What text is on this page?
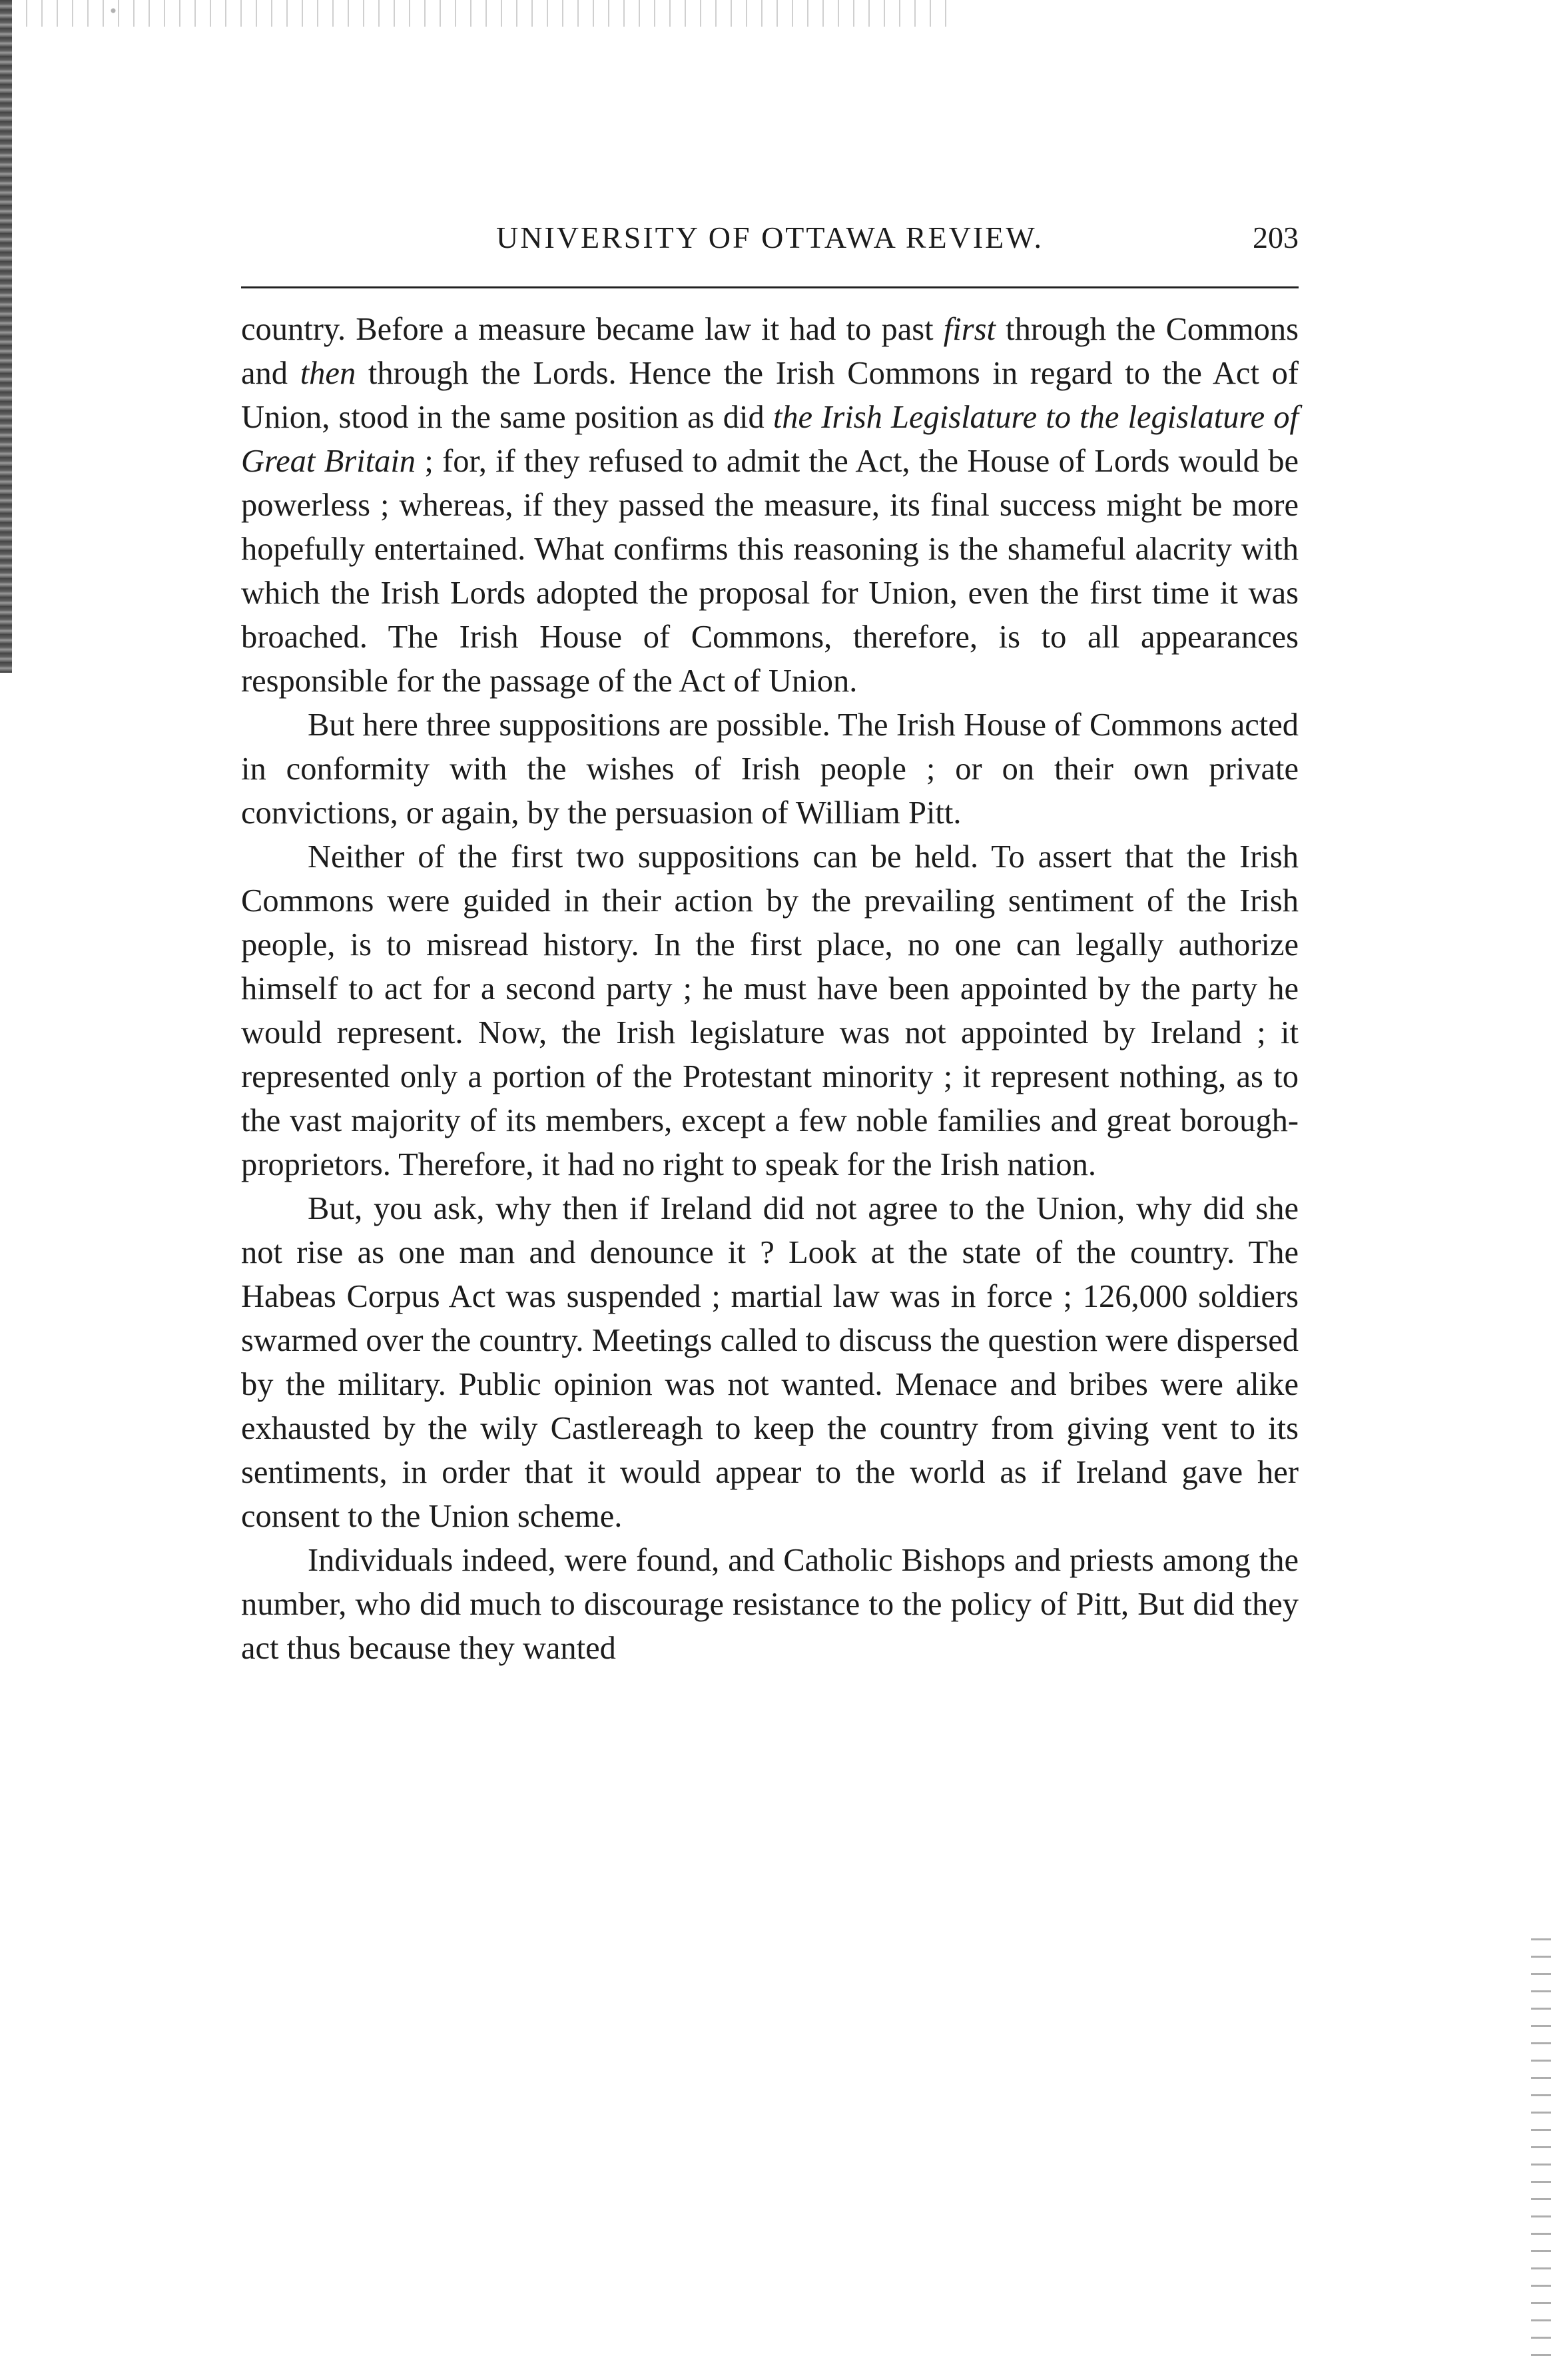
UNIVERSITY OF OTTAWA REVIEW.	203

country. Before a measure became law it had to past first through the Commons and then through the Lords. Hence the Irish Commons in regard to the Act of Union, stood in the same position as did the Irish Legislature to the legislature of Great Britain ; for, if they refused to admit the Act, the House of Lords would be powerless ; whereas, if they passed the measure, its final success might be more hopefully entertained. What confirms this reasoning is the shameful alacrity with which the Irish Lords adopted the proposal for Union, even the first time it was broached. The Irish House of Commons, therefore, is to all appearances responsible for the passage of the Act of Union.

But here three suppositions are possible. The Irish House of Commons acted in conformity with the wishes of Irish people ; or on their own private convictions, or again, by the persuasion of William Pitt.

Neither of the first two suppositions can be held. To assert that the Irish Commons were guided in their action by the prevailing sentiment of the Irish people, is to misread history. In the first place, no one can legally authorize himself to act for a second party ; he must have been appointed by the party he would represent. Now, the Irish legislature was not appointed by Ireland ; it represented only a portion of the Protestant minority ; it represent nothing, as to the vast majority of its members, except a few noble families and great borough-proprietors. Therefore, it had no right to speak for the Irish nation.

But, you ask, why then if Ireland did not agree to the Union, why did she not rise as one man and denounce it ? Look at the state of the country. The Habeas Corpus Act was suspended ; martial law was in force ; 126,000 soldiers swarmed over the country. Meetings called to discuss the question were dispersed by the military. Public opinion was not wanted. Menace and bribes were alike exhausted by the wily Castlereagh to keep the country from giving vent to its sentiments, in order that it would appear to the world as if Ireland gave her consent to the Union scheme.

Individuals indeed, were found, and Catholic Bishops and priests among the number, who did much to discourage resistance to the policy of Pitt, But did they act thus because they wanted
